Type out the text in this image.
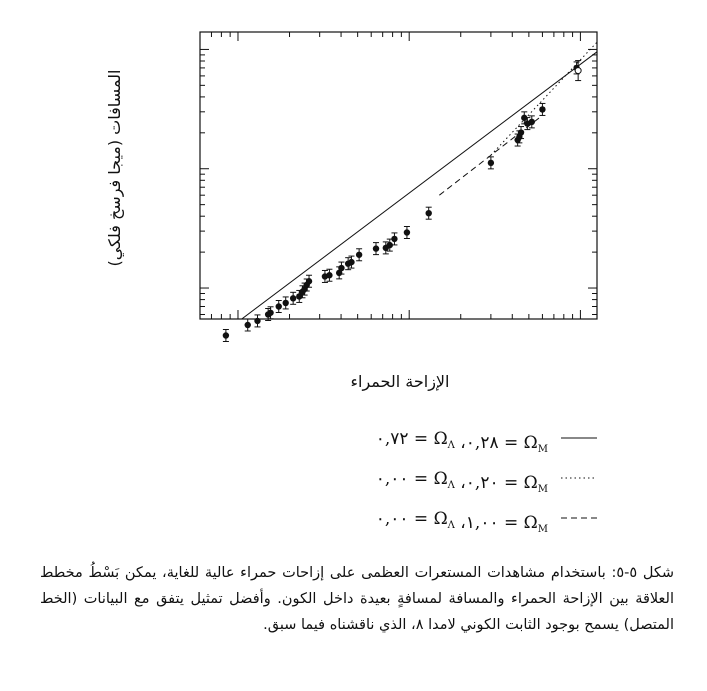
الإزاحة الحمراء
المسافات (ميجا فرسخ فلكي)
٠,٧٢ = $\Omega_\Lambda$ ،٠,٢٨ = $\Omega_M$
٠,٠٠ = $\Omega_\Lambda$ ،٠,٢٠ = $\Omega_M$
٠,٠٠ = $\Omega_\Lambda$ ،١,٠٠ = $\Omega_M$
شكل ٥-٥: باستخدام مشاهدات المستعرات العظمى على إزاحات حمراء عالية للغاية، يمكن بَسْطُ مخطط العلاقة بين الإزاحة الحمراء والمسافة لمسافةٍ بعيدة داخل الكون. وأفضل تمثيل يتفق مع البيانات (الخط المتصل) يسمح بوجود الثابت الكوني لامدا ٨، الذي ناقشناه فيما سبق.
